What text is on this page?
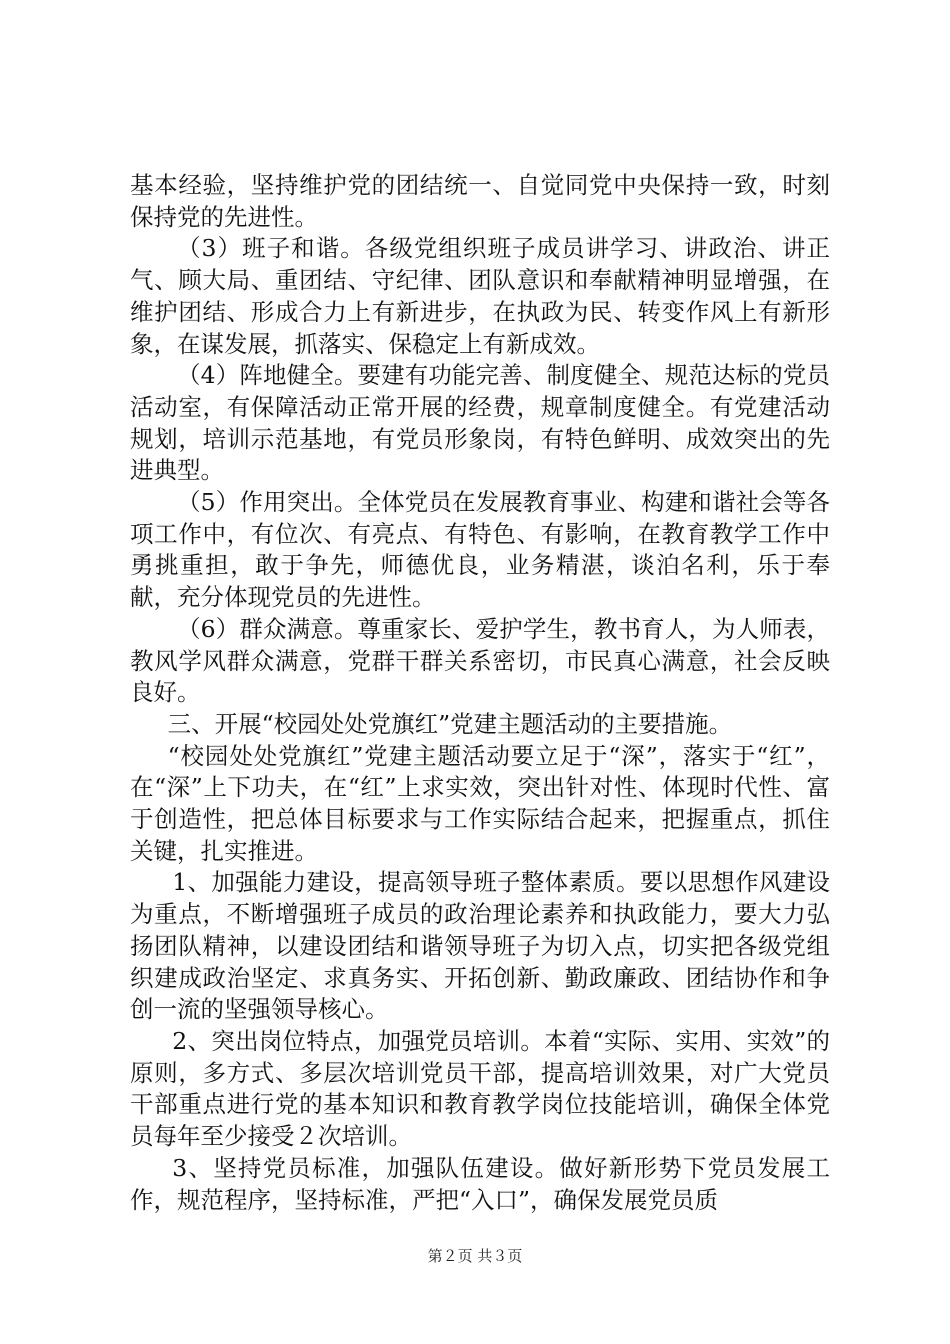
基本经验，坚持维护党的团结统一、自觉同党中央保持一致，时刻保持党的先进性。

（3）班子和谐。各级党组织班子成员讲学习、讲政治、讲正气、顾大局、重团结、守纪律、团队意识和奉献精神明显增强，在维护团结、形成合力上有新进步，在执政为民、转变作风上有新形象，在谋发展，抓落实、保稳定上有新成效。

（4）阵地健全。要建有功能完善、制度健全、规范达标的党员活动室，有保障活动正常开展的经费，规章制度健全。有党建活动规划，培训示范基地，有党员形象岗，有特色鲜明、成效突出的先进典型。

（5）作用突出。全体党员在发展教育事业、构建和谐社会等各项工作中，有位次、有亮点、有特色、有影响，在教育教学工作中勇挑重担，敢于争先，师德优良，业务精湛，谈泊名利，乐于奉献，充分体现党员的先进性。

（6）群众满意。尊重家长、爱护学生，教书育人，为人师表，教风学风群众满意，党群干群关系密切，市民真心满意，社会反映良好。

三、开展“校园处处党旗红”党建主题活动的主要措施。

“校园处处党旗红”党建主题活动要立足于“深”，落实于“红”，在“深”上下功夫，在“红”上求实效，突出针对性、体现时代性、富于创造性，把总体目标要求与工作实际结合起来，把握重点，抓住关键，扎实推进。

1、加强能力建设，提高领导班子整体素质。要以思想作风建设为重点，不断增强班子成员的政治理论素养和执政能力，要大力弘扬团队精神，以建设团结和谐领导班子为切入点，切实把各级党组织建成政治坚定、求真务实、开拓创新、勤政廉政、团结协作和争创一流的坚强领导核心。

2、突出岗位特点，加强党员培训。本着“实际、实用、实效”的原则，多方式、多层次培训党员干部，提高培训效果，对广大党员干部重点进行党的基本知识和教育教学岗位技能培训，确保全体党员每年至少接受２次培训。

3、坚持党员标准，加强队伍建设。做好新形势下党员发展工作，规范程序，坚持标准，严把“入口”，确保发展党员质

第２页 共３页
